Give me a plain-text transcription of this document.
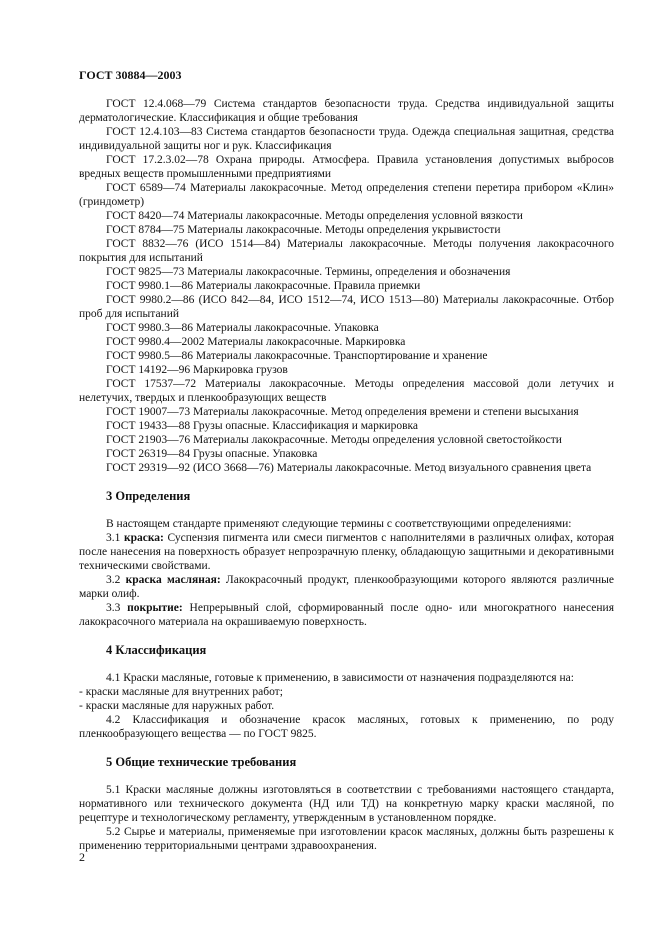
ГОСТ 30884—2003

ГОСТ 12.4.068—79 Система стандартов безопасности труда. Средства индивидуальной защиты дерматологические. Классификация и общие требования

ГОСТ 12.4.103—83 Система стандартов безопасности труда. Одежда специальная защитная, средства индивидуальной защиты ног и рук. Классификация

ГОСТ 17.2.3.02—78 Охрана природы. Атмосфера. Правила установления допустимых выбросов вредных веществ промышленными предприятиями

ГОСТ 6589—74 Материалы лакокрасочные. Метод определения степени перетира прибором «Клин» (гриндометр)

ГОСТ 8420—74 Материалы лакокрасочные. Методы определения условной вязкости

ГОСТ 8784—75 Материалы лакокрасочные. Методы определения укрывистости

ГОСТ 8832—76 (ИСО 1514—84) Материалы лакокрасочные. Методы получения лакокрасочного покрытия для испытаний

ГОСТ 9825—73 Материалы лакокрасочные. Термины, определения и обозначения

ГОСТ 9980.1—86 Материалы лакокрасочные. Правила приемки

ГОСТ 9980.2—86 (ИСО 842—84, ИСО 1512—74, ИСО 1513—80) Материалы лакокрасочные. Отбор проб для испытаний

ГОСТ 9980.3—86 Материалы лакокрасочные. Упаковка

ГОСТ 9980.4—2002 Материалы лакокрасочные. Маркировка

ГОСТ 9980.5—86 Материалы лакокрасочные. Транспортирование и хранение

ГОСТ 14192—96 Маркировка грузов

ГОСТ 17537—72 Материалы лакокрасочные. Методы определения массовой доли летучих и нелетучих, твердых и пленкообразующих веществ

ГОСТ 19007—73 Материалы лакокрасочные. Метод определения времени и степени высыхания

ГОСТ 19433—88 Грузы опасные. Классификация и маркировка

ГОСТ 21903—76 Материалы лакокрасочные. Методы определения условной светостойкости

ГОСТ 26319—84 Грузы опасные. Упаковка

ГОСТ 29319—92 (ИСО 3668—76) Материалы лакокрасочные. Метод визуального сравнения цвета

3 Определения

В настоящем стандарте применяют следующие термины с соответствующими определениями:

3.1 краска: Суспензия пигмента или смеси пигментов с наполнителями в различных олифах, которая после нанесения на поверхность образует непрозрачную пленку, обладающую защитными и декоративными техническими свойствами.

3.2 краска масляная: Лакокрасочный продукт, пленкообразующими которого являются различные марки олиф.

3.3 покрытие: Непрерывный слой, сформированный после одно- или многократного нанесения лакокрасочного материала на окрашиваемую поверхность.

4 Классификация

4.1 Краски масляные, готовые к применению, в зависимости от назначения подразделяются на:

- краски масляные для внутренних работ;

- краски масляные для наружных работ.

4.2 Классификация и обозначение красок масляных, готовых к применению, по роду пленкообразующего вещества — по ГОСТ 9825.

5 Общие технические требования

5.1 Краски масляные должны изготовляться в соответствии с требованиями настоящего стандарта, нормативного или технического документа (НД или ТД) на конкретную марку краски масляной, по рецептуре и технологическому регламенту, утвержденным в установленном порядке.

5.2 Сырье и материалы, применяемые при изготовлении красок масляных, должны быть разрешены к применению территориальными центрами здравоохранения.

2
